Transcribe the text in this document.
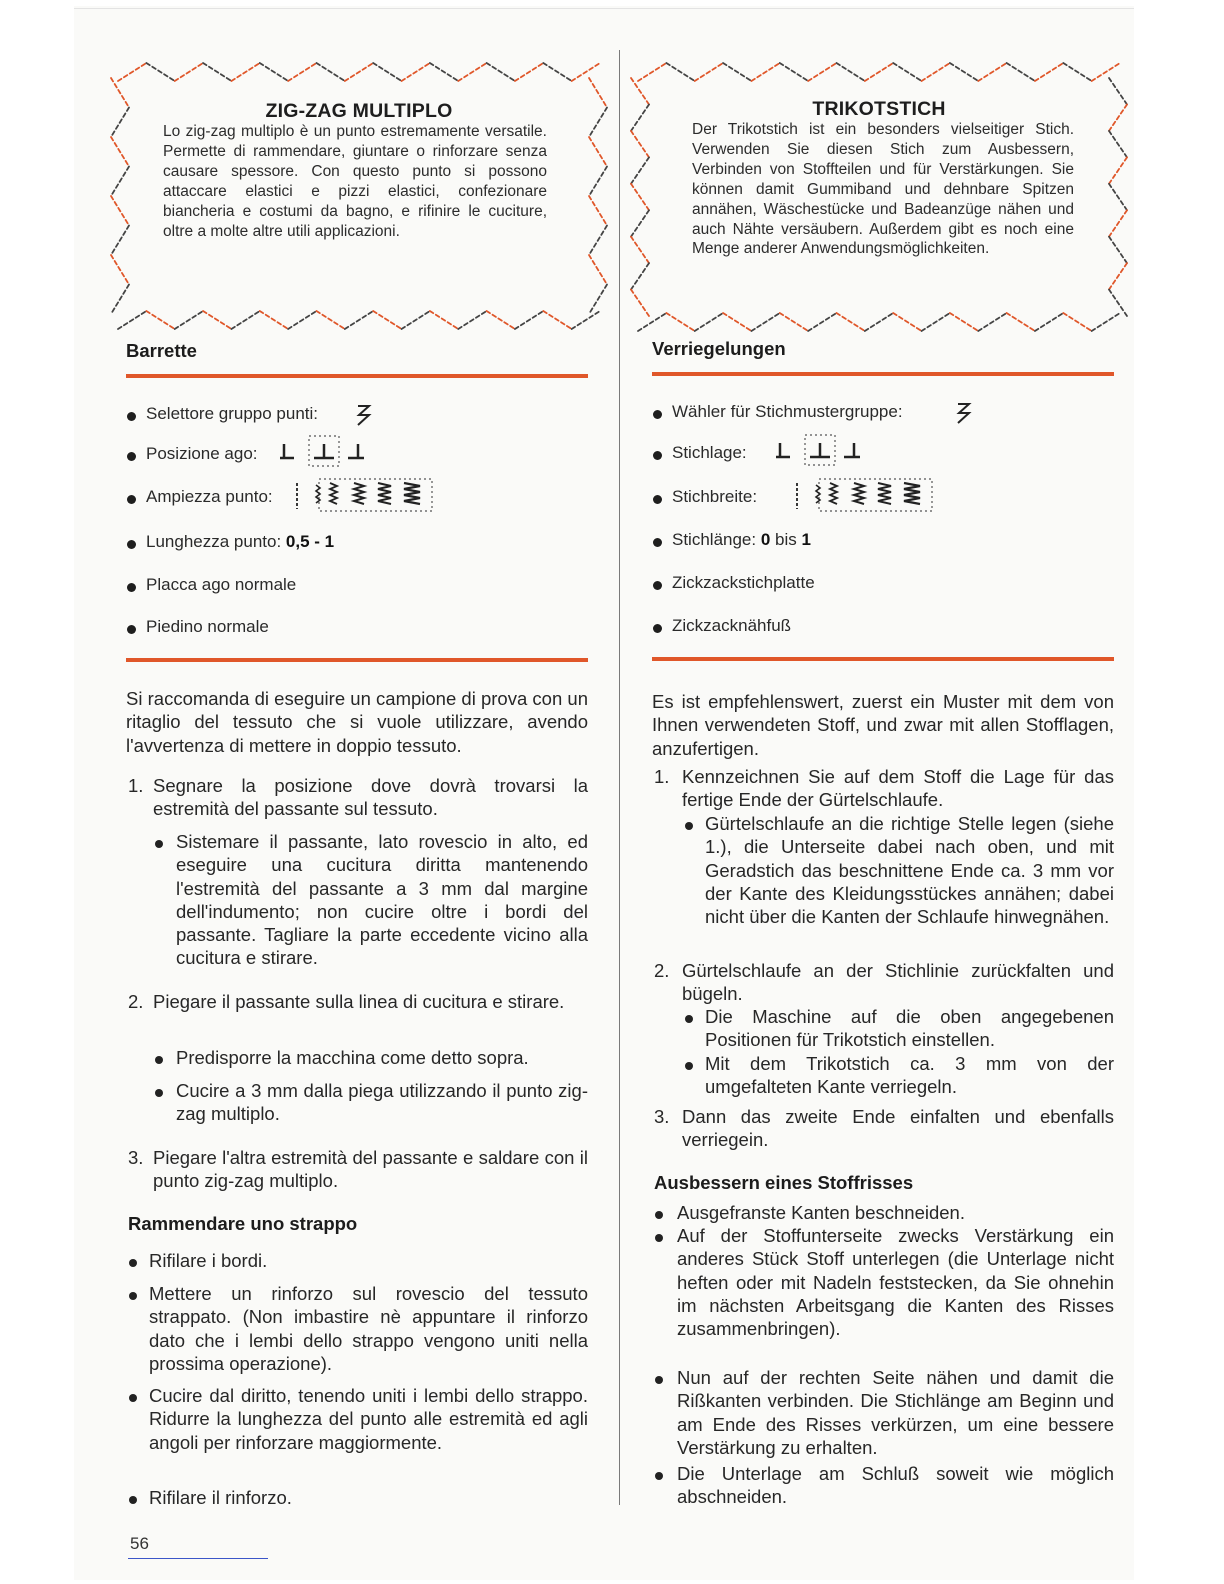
ZIG-ZAG MULTIPLO
Lo zig-zag multiplo è un punto estremamente versatile. Permette di rammendare, giuntare o rinforzare senza causare spessore. Con questo punto si possono attaccare elastici e pizzi elastici, confezionare biancheria e costumi da bagno, e rifinire le cuciture, oltre a molte altre utili applicazioni.
TRIKOTSTICH
Der Trikotstich ist ein besonders vielseitiger Stich. Verwenden Sie diesen Stich zum Ausbessern, Verbinden von Stoffteilen und für Verstärkungen. Sie können damit Gummiband und dehnbare Spitzen annähen, Wäschestücke und Badeanzüge nähen und auch Nähte versäubern. Außerdem gibt es noch eine Menge anderer Anwendungsmöglichkeiten.
Barrette
Selettore gruppo punti:
Posizione ago:
Ampiezza punto:
Lunghezza punto: 0,5 - 1
Placca ago normale
Piedino normale
Si raccomanda di eseguire un campione di prova con un ritaglio del tessuto che si vuole utilizzare, avendo l'avvertenza di mettere in doppio tessuto.
1. Segnare la posizione dove dovrà trovarsi la estremità del passante sul tessuto.
Sistemare il passante, lato rovescio in alto, ed eseguire una cucitura diritta mantenendo l'estremità del passante a 3 mm dal margine dell'indumento; non cucire oltre i bordi del passante. Tagliare la parte eccedente vicino alla cucitura e stirare.
2. Piegare il passante sulla linea di cucitura e stirare.
Predisporre la macchina come detto sopra.
Cucire a 3 mm dalla piega utilizzando il punto zig-zag multiplo.
3. Piegare l'altra estremità del passante e saldare con il punto zig-zag multiplo.
Rammendare uno strappo
Rifilare i bordi.
Mettere un rinforzo sul rovescio del tessuto strappato. (Non imbastire nè appuntare il rinforzo dato che i lembi dello strappo vengono uniti nella prossima operazione).
Cucire dal diritto, tenendo uniti i lembi dello strappo. Ridurre la lunghezza del punto alle estremità ed agli angoli per rinforzare maggiormente.
Rifilare il rinforzo.
Verriegelungen
Wähler für Stichmustergruppe:
Stichlage:
Stichbreite:
Stichlänge: 0 bis 1
Zickzackstichplatte
Zickzacknähfuß
Es ist empfehlenswert, zuerst ein Muster mit dem von Ihnen verwendeten Stoff, und zwar mit allen Stofflagen, anzufertigen.
1. Kennzeichnen Sie auf dem Stoff die Lage für das fertige Ende der Gürtelschlaufe.
Gürtelschlaufe an die richtige Stelle legen (siehe 1.), die Unterseite dabei nach oben, und mit Geradstich das beschnittene Ende ca. 3 mm vor der Kante des Kleidungsstückes annähen; dabei nicht über die Kanten der Schlaufe hinwegnähen.
2. Gürtelschlaufe an der Stichlinie zurückfalten und bügeln.
Die Maschine auf die oben angegebenen Positionen für Trikotstich einstellen.
Mit dem Trikotstich ca. 3 mm von der umgefalteten Kante verriegeln.
3. Dann das zweite Ende einfalten und ebenfalls verriegein.
Ausbessern eines Stoffrisses
Ausgefranste Kanten beschneiden.
Auf der Stoffunterseite zwecks Verstärkung ein anderes Stück Stoff unterlegen (die Unterlage nicht heften oder mit Nadeln feststecken, da Sie ohnehin im nächsten Arbeitsgang die Kanten des Risses zusammenbringen).
Nun auf der rechten Seite nähen und damit die Rißkanten verbinden. Die Stichlänge am Beginn und am Ende des Risses verkürzen, um eine bessere Verstärkung zu erhalten.
Die Unterlage am Schluß soweit wie möglich abschneiden.
56
